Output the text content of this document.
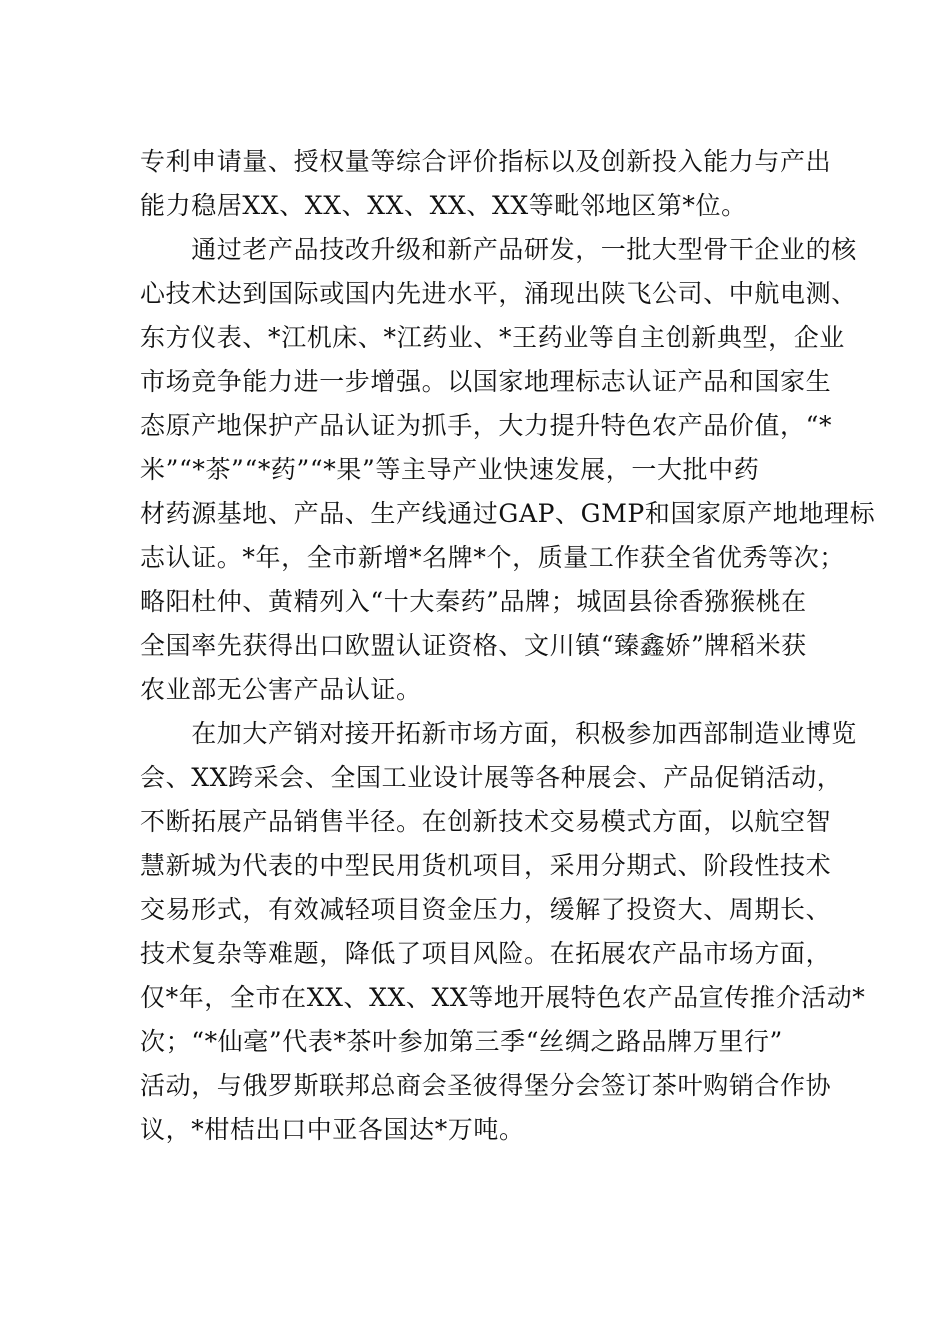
专利申请量、授权量等综合评价指标以及创新投入能力与产出
能力稳居XX、XX、XX、XX、XX等毗邻地区第*位。
　　通过老产品技改升级和新产品研发，一批大型骨干企业的核
心技术达到国际或国内先进水平，涌现出陕飞公司、中航电测、
东方仪表、*江机床、*江药业、*王药业等自主创新典型，企业
市场竞争能力进一步增强。以国家地理标志认证产品和国家生
态原产地保护产品认证为抓手，大力提升特色农产品价值，“*
米”“*茶”“*药”“*果”等主导产业快速发展，一大批中药
材药源基地、产品、生产线通过GAP、GMP和国家原产地地理标
志认证。*年，全市新增*名牌*个，质量工作获全省优秀等次；
略阳杜仲、黄精列入“十大秦药”品牌；城固县徐香猕猴桃在
全国率先获得出口欧盟认证资格、文川镇“臻鑫娇”牌稻米获
农业部无公害产品认证。
　　在加大产销对接开拓新市场方面，积极参加西部制造业博览
会、XX跨采会、全国工业设计展等各种展会、产品促销活动，
不断拓展产品销售半径。在创新技术交易模式方面，以航空智
慧新城为代表的中型民用货机项目，采用分期式、阶段性技术
交易形式，有效减轻项目资金压力，缓解了投资大、周期长、
技术复杂等难题，降低了项目风险。在拓展农产品市场方面，
仅*年，全市在XX、XX、XX等地开展特色农产品宣传推介活动*
次；“*仙毫”代表*茶叶参加第三季“丝绸之路品牌万里行”
活动，与俄罗斯联邦总商会圣彼得堡分会签订茶叶购销合作协
议，*柑桔出口中亚各国达*万吨。
